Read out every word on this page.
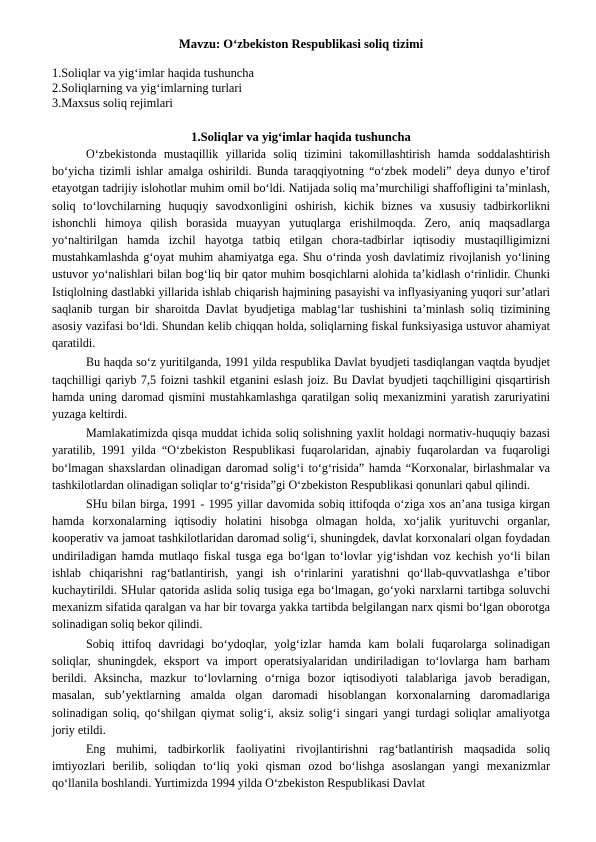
Mavzu: O‘zbekiston Respublikasi soliq tizimi
1.Soliqlar va yig‘imlar haqida tushuncha
2.Soliqlarning va yig‘imlarning turlari
3.Maxsus soliq rejimlari
1.Soliqlar va yig‘imlar haqida tushuncha

O‘zbekistonda mustaqillik yillarida soliq tizimini takomillashtirish hamda soddalashtirish bo‘yicha tizimli ishlar amalga oshirildi. Bunda taraqqiyotning “o‘zbek modeli” deya dunyo e’tirof etayotgan tadrijiy islohotlar muhim omil bo‘ldi. Natijada soliq ma’murchiligi shaffofligini ta’minlash, soliq to‘lovchilarning huquqiy savodxonligini oshirish, kichik biznes va xususiy tadbirkorlikni ishonchli himoya qilish borasida muayyan yutuqlarga erishilmoqda. Zero, aniq maqsadlarga yo‘naltirilgan hamda izchil hayotga tatbiq etilgan chora-tadbirlar iqtisodiy mustaqilligimizni mustahkamlashda g‘oyat muhim ahamiyatga ega. Shu o‘rinda yosh davlatimiz rivojlanish yo‘lining ustuvor yo‘nalishlari bilan bog‘liq bir qator muhim bosqichlarni alohida ta’kidlash o‘rinlidir. Chunki Istiqlolning dastlabki yillarida ishlab chiqarish hajmining pasayishi va inflyasiyaning yuqori sur’atlari saqlanib turgan bir sharoitda Davlat byudjetiga mablag‘lar tushishini ta’minlash soliq tizimining asosiy vazifasi bo‘ldi. Shundan kelib chiqqan holda, soliqlarning fiskal funksiyasiga ustuvor ahamiyat qaratildi.

Bu haqda so‘z yuritilganda, 1991 yilda respublika Davlat byudjeti tasdiqlangan vaqtda byudjet taqchilligi qariyb 7,5 foizni tashkil etganini eslash joiz. Bu Davlat byudjeti taqchilligini qisqartirish hamda uning daromad qismini mustahkamlashga qaratilgan soliq mexanizmini yaratish zaruriyatini yuzaga keltirdi.

Mamlakatimizda qisqa muddat ichida soliq solishning yaxlit holdagi normativ-huquqiy bazasi yaratilib, 1991 yilda “O‘zbekiston Respublikasi fuqarolaridan, ajnabiy fuqarolardan va fuqaroligi bo‘lmagan shaxslardan olinadigan daromad solig‘i to‘g‘risida” hamda “Korxonalar, birlashmalar va tashkilotlardan olinadigan soliqlar to‘g‘risida”gi O‘zbekiston Respublikasi qonunlari qabul qilindi.

SHu bilan birga, 1991 - 1995 yillar davomida sobiq ittifoqda o‘ziga xos an’ana tusiga kirgan hamda korxonalarning iqtisodiy holatini hisobga olmagan holda, xo‘jalik yurituvchi organlar, kooperativ va jamoat tashkilotlaridan daromad solig‘i, shuningdek, davlat korxonalari olgan foydadan undiriladigan hamda mutlaqo fiskal tusga ega bo‘lgan to‘lovlar yig‘ishdan voz kechish yo‘li bilan ishlab chiqarishni rag‘batlantirish, yangi ish o‘rinlarini yaratishni qo‘llab-quvvatlashga e’tibor kuchaytirildi. SHular qatorida aslida soliq tusiga ega bo‘lmagan, go‘yoki narxlarni tartibga soluvchi mexanizm sifatida qaralgan va har bir tovarga yakka tartibda belgilangan narx qismi bo‘lgan oborotga solinadigan soliq bekor qilindi.

Sobiq ittifoq davridagi bo‘ydoqlar, yolg‘izlar hamda kam bolali fuqarolarga solinadigan soliqlar, shuningdek, eksport va import operatsiyalaridan undiriladigan to‘lovlarga ham barham berildi. Aksincha, mazkur to‘lovlarning o‘rniga bozor iqtisodiyoti talablariga javob beradigan, masalan, sub’yektlarning amalda olgan daromadi hisoblangan korxonalarning daromadlariga solinadigan soliq, qo‘shilgan qiymat solig‘i, aksiz solig‘i singari yangi turdagi soliqlar amaliyotga joriy etildi.

Eng muhimi, tadbirkorlik faoliyatini rivojlantirishni rag‘batlantirish maqsadida soliq imtiyozlari berilib, soliqdan to‘liq yoki qisman ozod bo‘lishga asoslangan yangi mexanizmlar qo‘llanila boshlandi. Yurtimizda 1994 yilda O‘zbekiston Respublikasi Davlat
